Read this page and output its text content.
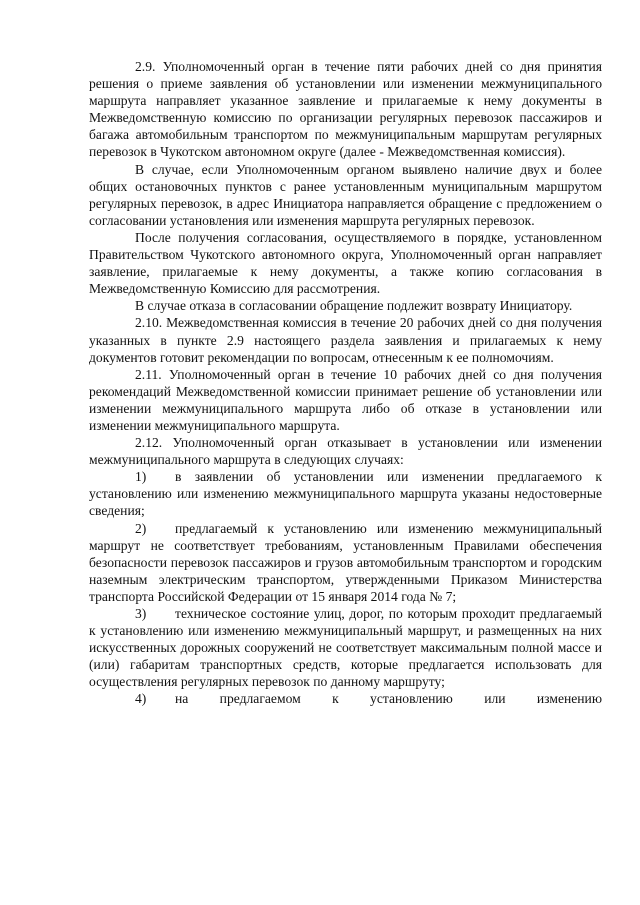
2.9. Уполномоченный орган в течение пяти рабочих дней со дня принятия решения о приеме заявления об установлении или изменении межмуниципального маршрута направляет указанное заявление и прилагаемые к нему документы в Межведомственную комиссию по организации регулярных перевозок пассажиров и багажа автомобильным транспортом по межмуниципальным маршрутам регулярных перевозок в Чукотском автономном округе (далее - Межведомственная комиссия).

В случае, если Уполномоченным органом выявлено наличие двух и более общих остановочных пунктов с ранее установленным муниципальным маршрутом регулярных перевозок, в адрес Инициатора направляется обращение с предложением о согласовании установления или изменения маршрута регулярных перевозок.

После получения согласования, осуществляемого в порядке, установленном Правительством Чукотского автономного округа, Уполномоченный орган направляет заявление, прилагаемые к нему документы, а также копию согласования в Межведомственную Комиссию для рассмотрения.

В случае отказа в согласовании обращение подлежит возврату Инициатору.

2.10. Межведомственная комиссия в течение 20 рабочих дней со дня получения указанных в пункте 2.9 настоящего раздела заявления и прилагаемых к нему документов готовит рекомендации по вопросам, отнесенным к ее полномочиям.

2.11. Уполномоченный орган в течение 10 рабочих дней со дня получения рекомендаций Межведомственной комиссии принимает решение об установлении или изменении межмуниципального маршрута либо об отказе в установлении или изменении межмуниципального маршрута.

2.12. Уполномоченный орган отказывает в установлении или изменении межмуниципального маршрута в следующих случаях:

1) в заявлении об установлении или изменении предлагаемого к установлению или изменению межмуниципального маршрута указаны недостоверные сведения;

2) предлагаемый к установлению или изменению межмуниципальный маршрут не соответствует требованиям, установленным Правилами обеспечения безопасности перевозок пассажиров и грузов автомобильным транспортом и городским наземным электрическим транспортом, утвержденными Приказом Министерства транспорта Российской Федерации от 15 января 2014 года № 7;

3) техническое состояние улиц, дорог, по которым проходит предлагаемый к установлению или изменению межмуниципальный маршрут, и размещенных на них искусственных дорожных сооружений не соответствует максимальным полной массе и (или) габаритам транспортных средств, которые предлагается использовать для осуществления регулярных перевозок по данному маршруту;

4) на предлагаемом к установлению или изменению
